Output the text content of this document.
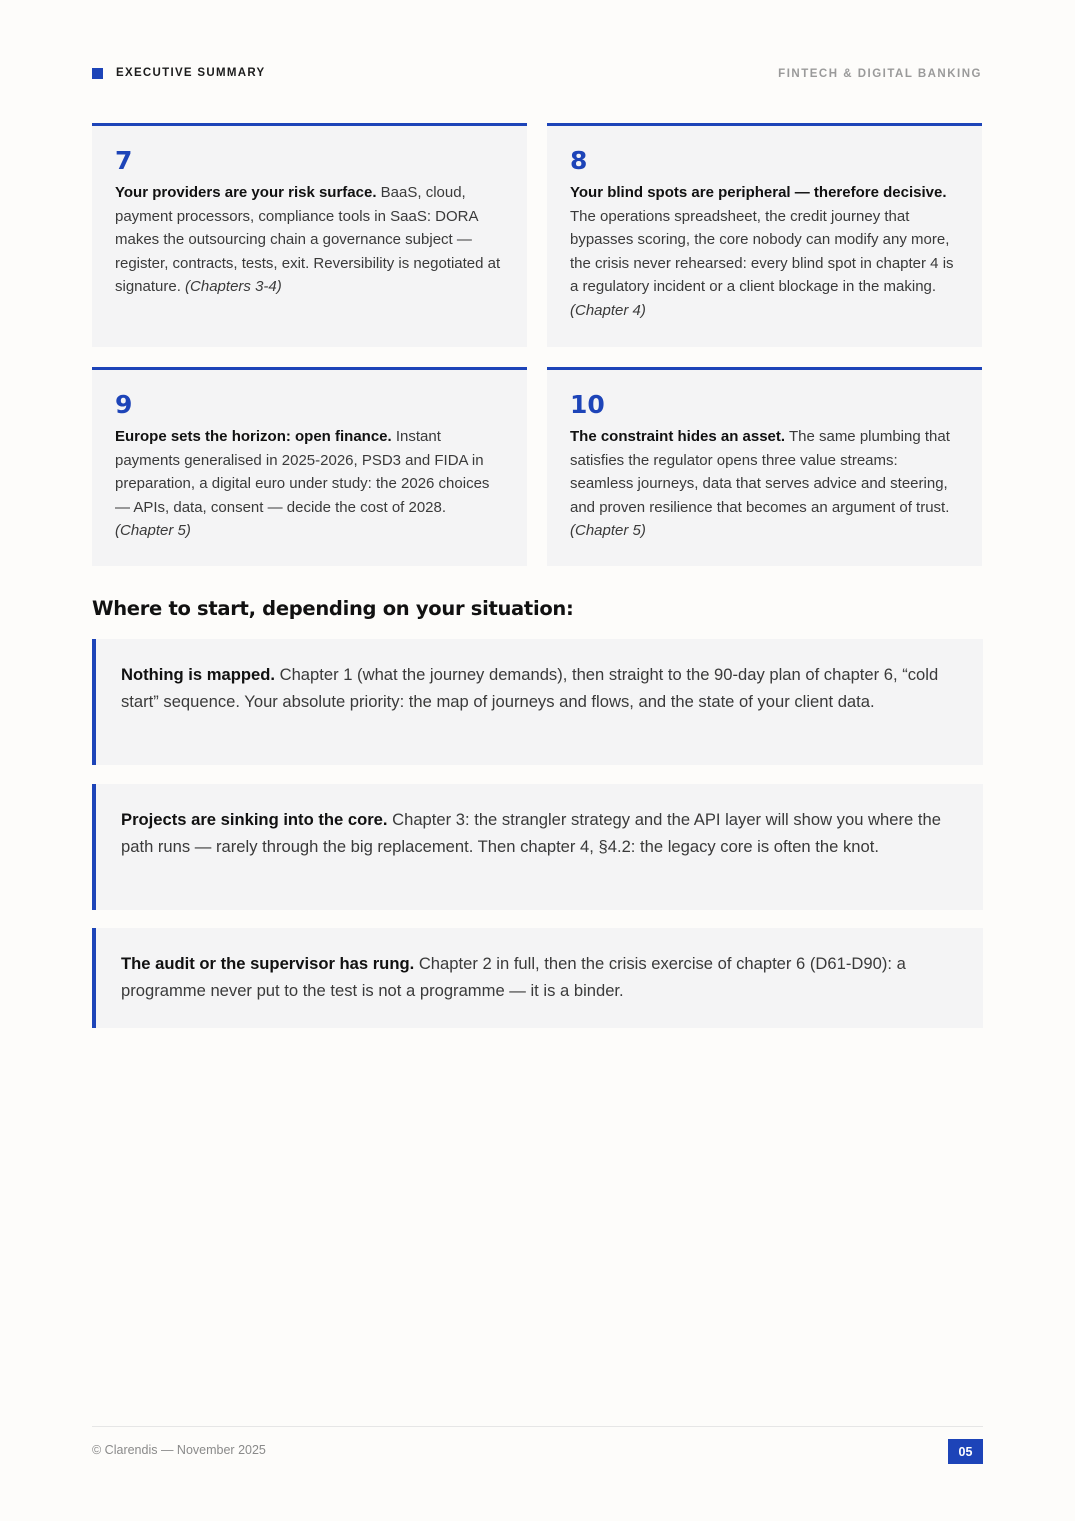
EXECUTIVE SUMMARY	FINTECH & DIGITAL BANKING
7
Your providers are your risk surface. BaaS, cloud, payment processors, compliance tools in SaaS: DORA makes the outsourcing chain a governance subject — register, contracts, tests, exit. Reversibility is negotiated at signature. (Chapters 3-4)
8
Your blind spots are peripheral — therefore decisive. The operations spreadsheet, the credit journey that bypasses scoring, the core nobody can modify any more, the crisis never rehearsed: every blind spot in chapter 4 is a regulatory incident or a client blockage in the making. (Chapter 4)
9
Europe sets the horizon: open finance. Instant payments generalised in 2025-2026, PSD3 and FIDA in preparation, a digital euro under study: the 2026 choices — APIs, data, consent — decide the cost of 2028. (Chapter 5)
10
The constraint hides an asset. The same plumbing that satisfies the regulator opens three value streams: seamless journeys, data that serves advice and steering, and proven resilience that becomes an argument of trust. (Chapter 5)
Where to start, depending on your situation:
Nothing is mapped. Chapter 1 (what the journey demands), then straight to the 90-day plan of chapter 6, “cold start” sequence. Your absolute priority: the map of journeys and flows, and the state of your client data.
Projects are sinking into the core. Chapter 3: the strangler strategy and the API layer will show you where the path runs — rarely through the big replacement. Then chapter 4, §4.2: the legacy core is often the knot.
The audit or the supervisor has rung. Chapter 2 in full, then the crisis exercise of chapter 6 (D61-D90): a programme never put to the test is not a programme — it is a binder.
© Clarendis — November 2025	05
